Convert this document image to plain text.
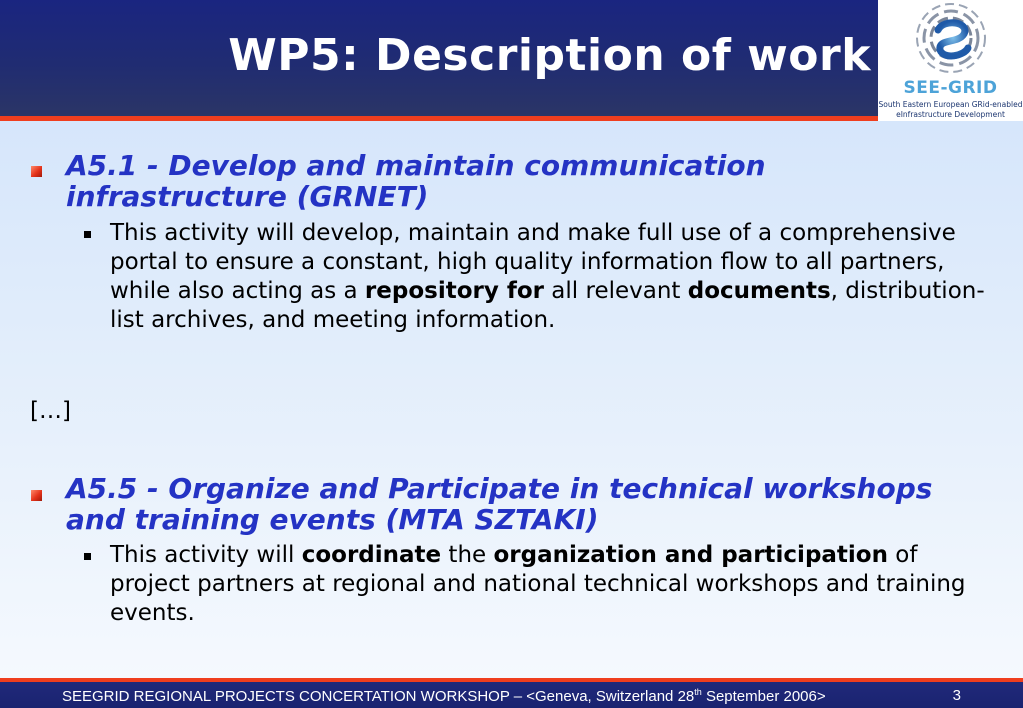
WP5: Description of work
SEE-GRID
South Eastern European GRid-enabled
eInfrastructure Development
A5.1 - Develop and maintain communication infrastructure (GRNET)
This activity will develop, maintain and make full use of a comprehensive portal to ensure a constant, high quality information flow to all partners, while also acting as a repository for all relevant documents, distribution-list archives, and meeting information.
[…]
A5.5 - Organize and Participate in technical workshops and training events (MTA SZTAKI)
This activity will coordinate the organization and participation of project partners at regional and national technical workshops and training events.
SEEGRID REGIONAL PROJECTS CONCERTATION WORKSHOP – <Geneva, Switzerland 28th September 2006>	3
